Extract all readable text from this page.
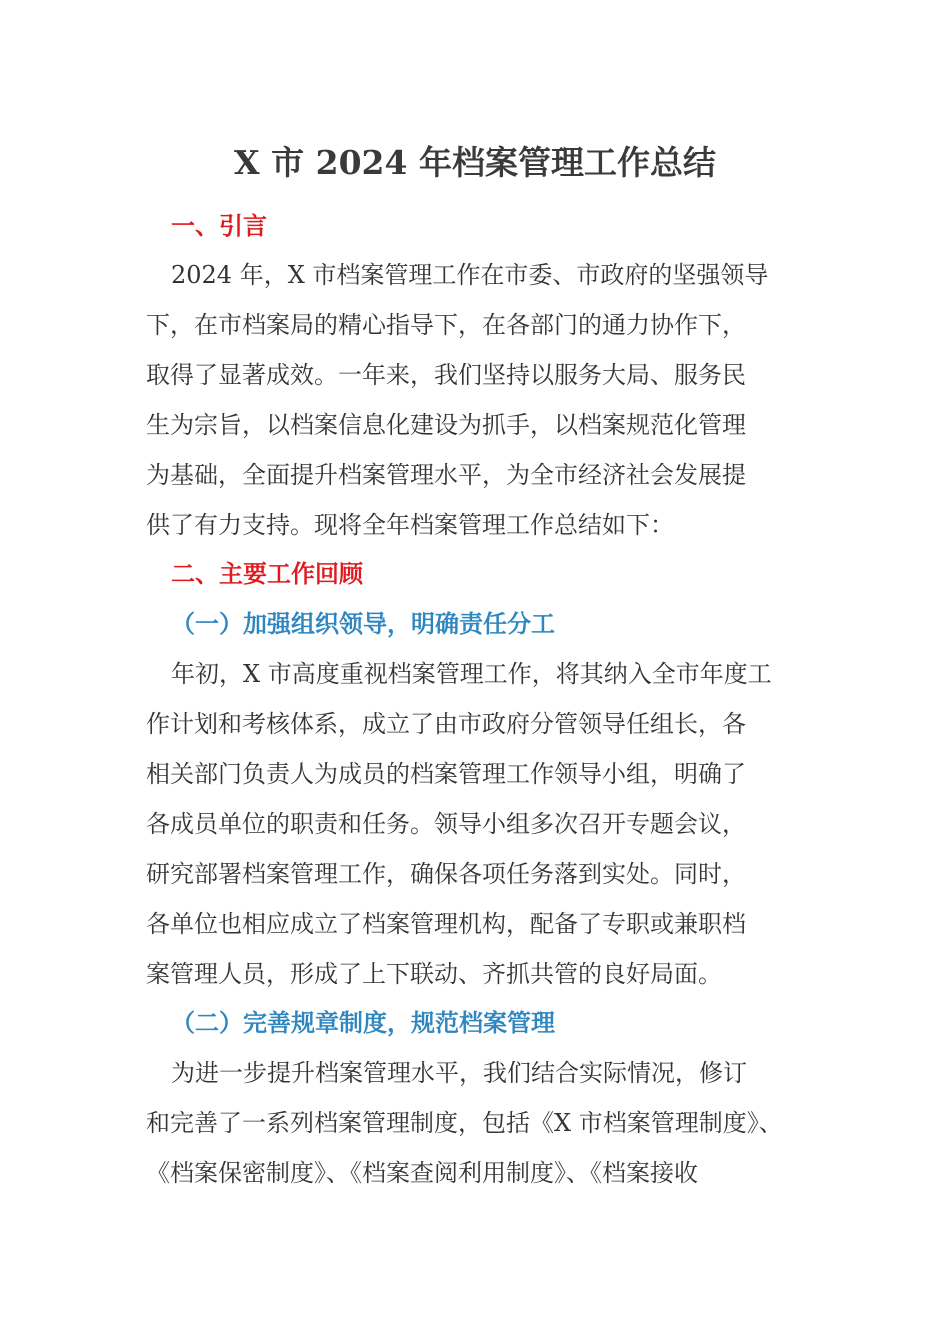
X 市 2024 年档案管理工作总结
一、引言
2024 年，X 市档案管理工作在市委、市政府的坚强领导
下，在市档案局的精心指导下，在各部门的通力协作下，
取得了显著成效。一年来，我们坚持以服务大局、服务民
生为宗旨，以档案信息化建设为抓手，以档案规范化管理
为基础，全面提升档案管理水平，为全市经济社会发展提
供了有力支持。现将全年档案管理工作总结如下：
二、主要工作回顾
（一）加强组织领导，明确责任分工
年初，X 市高度重视档案管理工作，将其纳入全市年度工
作计划和考核体系，成立了由市政府分管领导任组长，各
相关部门负责人为成员的档案管理工作领导小组，明确了
各成员单位的职责和任务。领导小组多次召开专题会议，
研究部署档案管理工作，确保各项任务落到实处。同时，
各单位也相应成立了档案管理机构，配备了专职或兼职档
案管理人员，形成了上下联动、齐抓共管的良好局面。
（二）完善规章制度，规范档案管理
为进一步提升档案管理水平，我们结合实际情况，修订
和完善了一系列档案管理制度，包括《X 市档案管理制度》、
《档案保密制度》、《档案查阅利用制度》、《档案接收
